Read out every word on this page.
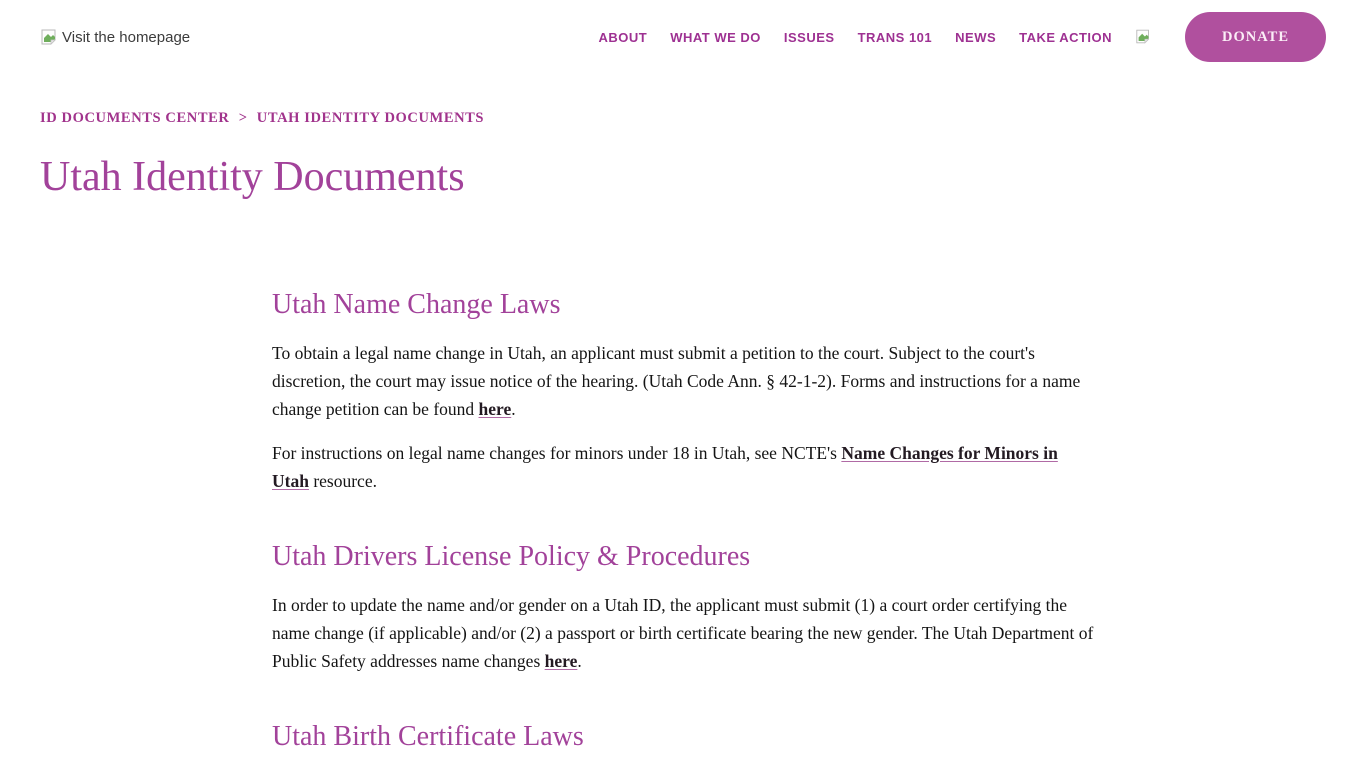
Visit the homepage	ABOUT WHAT WE DO ISSUES TRANS 101 NEWS TAKE ACTION	DONATE
ID DOCUMENTS CENTER > UTAH IDENTITY DOCUMENTS
Utah Identity Documents
Utah Name Change Laws

To obtain a legal name change in Utah, an applicant must submit a petition to the court. Subject to the court's discretion, the court may issue notice of the hearing. (Utah Code Ann. § 42-1-2). Forms and instructions for a name change petition can be found here.

For instructions on legal name changes for minors under 18 in Utah, see NCTE's Name Changes for Minors in Utah resource.

Utah Drivers License Policy & Procedures

In order to update the name and/or gender on a Utah ID, the applicant must submit (1) a court order certifying the name change (if applicable) and/or (2) a passport or birth certificate bearing the new gender. The Utah Department of Public Safety addresses name changes here.

Utah Birth Certificate Laws
